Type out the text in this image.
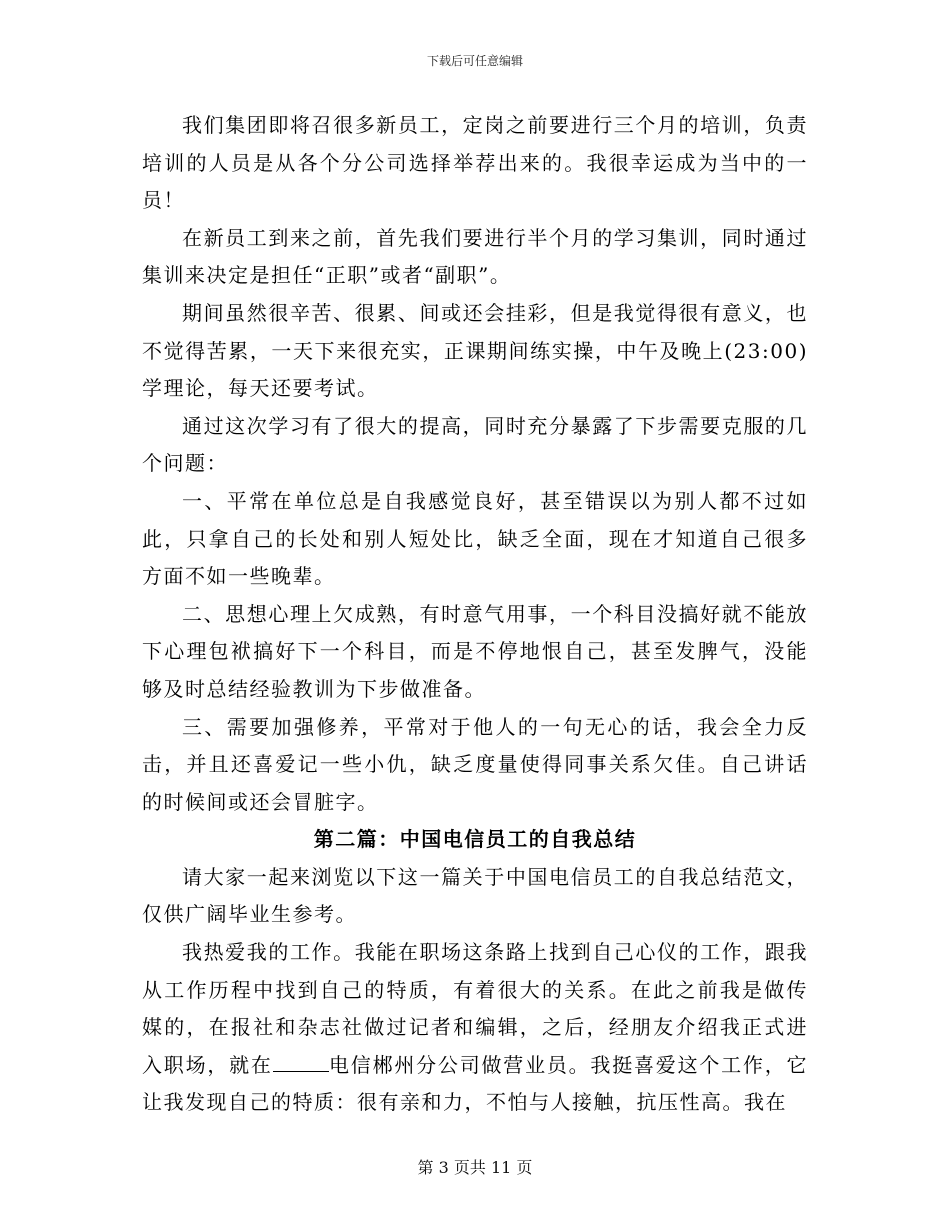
下载后可任意编辑

我们集团即将召很多新员工，定岗之前要进行三个月的培训，负责培训的人员是从各个分公司选择举荐出来的。我很幸运成为当中的一员！

在新员工到来之前，首先我们要进行半个月的学习集训，同时通过集训来决定是担任“正职”或者“副职”。

期间虽然很辛苦、很累、间或还会挂彩，但是我觉得很有意义，也不觉得苦累，一天下来很充实，正课期间练实操，中午及晚上(23:00)学理论，每天还要考试。

通过这次学习有了很大的提高，同时充分暴露了下步需要克服的几个问题：

一、平常在单位总是自我感觉良好，甚至错误以为别人都不过如此，只拿自己的长处和别人短处比，缺乏全面，现在才知道自己很多方面不如一些晚辈。

二、思想心理上欠成熟，有时意气用事，一个科目没搞好就不能放下心理包袱搞好下一个科目，而是不停地恨自己，甚至发脾气，没能够及时总结经验教训为下步做准备。

三、需要加强修养，平常对于他人的一句无心的话，我会全力反击，并且还喜爱记一些小仇，缺乏度量使得同事关系欠佳。自己讲话的时候间或还会冒脏字。

第二篇：中国电信员工的自我总结

请大家一起来浏览以下这一篇关于中国电信员工的自我总结范文，仅供广阔毕业生参考。

我热爱我的工作。我能在职场这条路上找到自己心仪的工作，跟我从工作历程中找到自己的特质，有着很大的关系。在此之前我是做传媒的，在报社和杂志社做过记者和编辑，之后，经朋友介绍我正式进入职场，就在	电信郴州分公司做营业员。我挺喜爱这个工作，它让我发现自己的特质：很有亲和力，不怕与人接触，抗压性高。我在

第 3 页共 11 页
